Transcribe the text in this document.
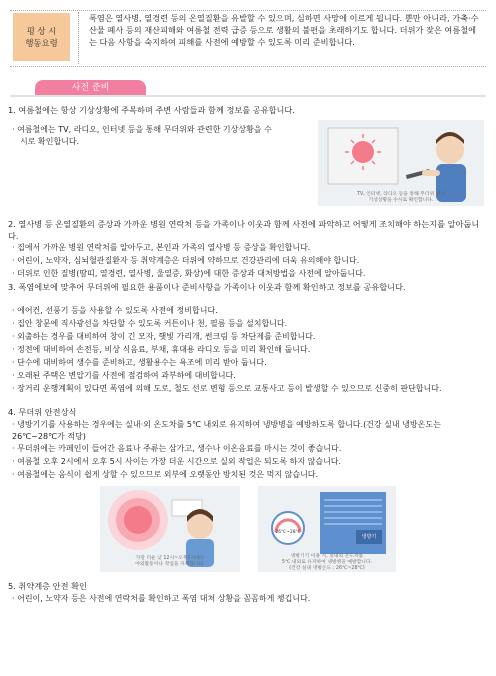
평 상 시
행동요령
폭염은 열사병, 열경련 등의 온열질환을 유발할 수 있으며, 심하면 사망에 이르게 됩니다. 뿐만 아니라, 가축·수산물 폐사 등의 재산피해와 여름철 전력 급증 등으로 생활의 불편을 초래하기도 합니다. 더위가 잦은 여름철에는 다음 사항을 숙지하여 피해를 사전에 예방할 수 있도록 미리 준비합니다.
사전 준비
1. 여름철에는 항상 기상상황에 주목하며 주변 사람들과 함께 정보를 공유합니다.
· 여름철에는 TV, 라디오, 인터넷 등을 통해 무더위와 관련한 기상상황을 수
시로 확인합니다.
TV, 인터넷, 라디오 등을 통해 무더위 관련
기상상황을 수시로 확인합니다.
2. 열사병 등 온열질환의 증상과 가까운 병원 연락처 등을 가족이나 이웃과 함께 사전에 파악하고 어떻게 조치해야 하는지를 알아둡니다.
· 집에서 가까운 병원 연락처를 알아두고, 본인과 가족의 열사병 등 증상을 확인합니다.
· 어린이, 노약자, 심뇌혈관질환자 등 취약계층은 더위에 약하므로 건강관리에 더욱 유의해야 합니다.
· 더위로 인한 질병(땀띠, 열경련, 열사병, 울열증, 화상)에 대한 증상과 대처방법을 사전에 알아둡니다.
3. 폭염에보에 맞추어 무더위에 필요한 용품이나 준비사항을 가족이나 이웃과 함께 확인하고 정보를 공유합니다.
· 에어컨, 선풍기 등을 사용할 수 있도록 사전에 정비합니다.
· 집안 창문에 직사광선을 차단할 수 있도록 커튼이나 천, 필름 등을 설치합니다.
· 외출하는 경우를 대비하여 창이 긴 모자, 햇빛 가리개, 썬크림 등 차단제를 준비합니다.
· 정전에 대비하여 손전등, 비상 식음료, 부채, 휴대용 라디오 등을 미리 확인해 둡니다.
· 단수에 대비하여 생수를 준비하고, 생활용수는 욕조에 미리 받아 둡니다.
· 오래된 주택은 변압기를 사전에 점검하여 과부하에 대비합니다.
· 장거리 운행계획이 있다면 폭염에 의해 도로, 철도 선로 변형 등으로 교통사고 등이 발생할 수 있으므로 신중히 판단합니다.
4. 무더위 안전상식
· 냉방기기를 사용하는 경우에는 실내·외 온도차를 5℃ 내외로 유지하여 냉방병을 예방하도록 합니다.(건강 실내 냉방온도는 26℃~28℃가 적당)
· 무더위에는 카페인이 들어간 음료나 주류는 삼가고, 생수나 이온음료를 마시는 것이 좋습니다.
· 여름철 오후 2시에서 오후 5시 사이는 가장 더운 시간으로 실외 작업은 되도록 하지 않습니다.
· 여름철에는 음식이 쉽게 상할 수 있으므로 외부에 오랫동안 방치된 것은 먹지 않습니다.
가장 더운 낮 12시~오후5시에는
야외활동이나 작업을 자제합니다.
냉방기
26℃~28℃
냉방기기 이용 시, 실내외 온도차를
5℃ 내외로 유지하여 냉방병을 예방합니다.
(건강 실내 냉방온도 : 26℃~28℃)
5. 취약계층 안전 확인
· 어린이, 노약자 등은 사전에 연락처를 확인하고 폭염 대처 상황을 꼼꼼하게 챙깁니다.
